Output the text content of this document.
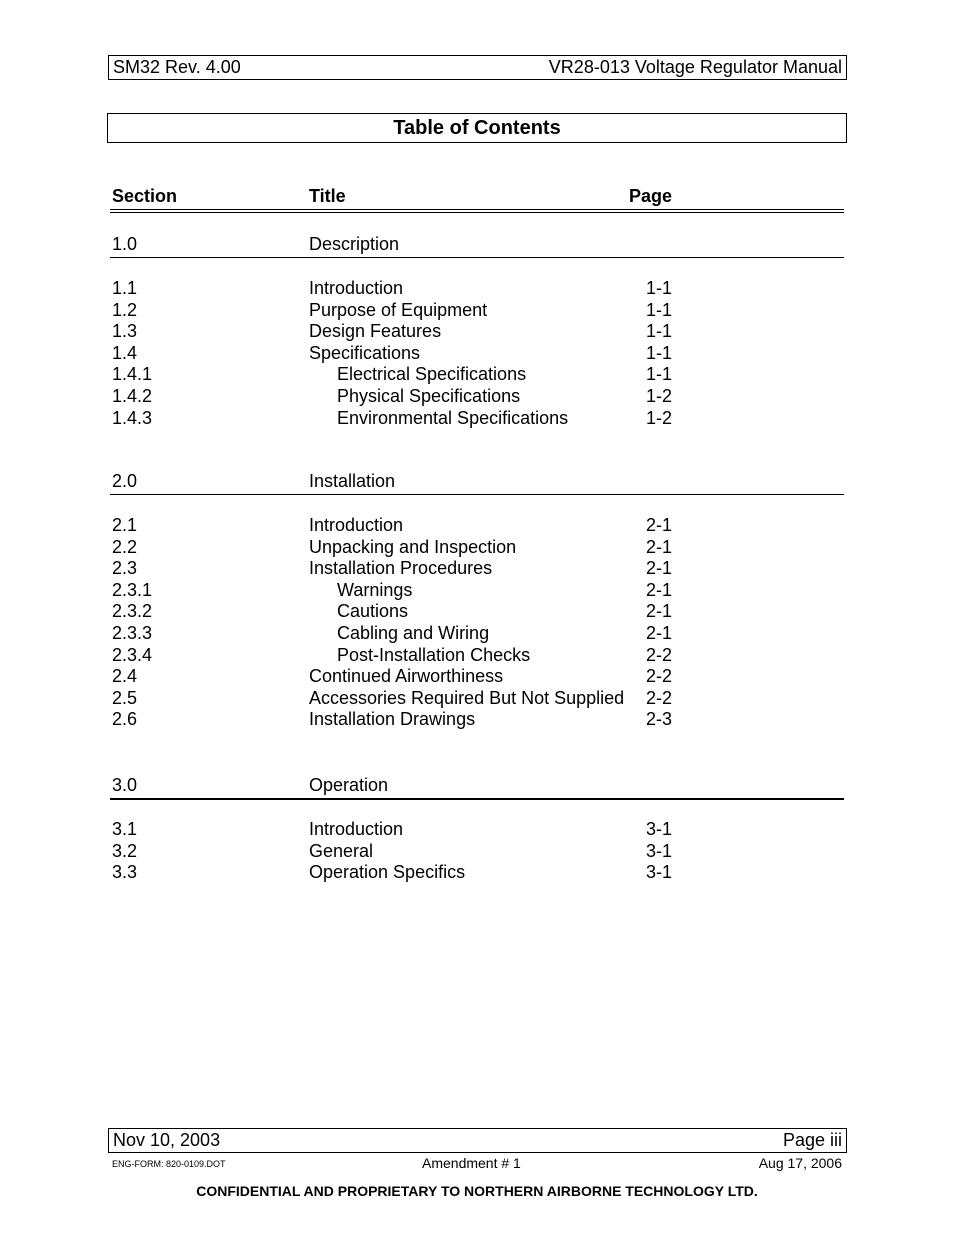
SM32 Rev. 4.00	VR28-013 Voltage Regulator Manual
Table of Contents
Section	Title	Page
1.0	Description
1.1	Introduction	1-1
1.2	Purpose of Equipment	1-1
1.3	Design Features	1-1
1.4	Specifications	1-1
1.4.1	Electrical Specifications	1-1
1.4.2	Physical Specifications	1-2
1.4.3	Environmental Specifications	1-2
2.0	Installation
2.1	Introduction	2-1
2.2	Unpacking and Inspection	2-1
2.3	Installation Procedures	2-1
2.3.1	Warnings	2-1
2.3.2	Cautions	2-1
2.3.3	Cabling and Wiring	2-1
2.3.4	Post-Installation Checks	2-2
2.4	Continued Airworthiness	2-2
2.5	Accessories Required But Not Supplied 2-2
2.6	Installation Drawings	2-3
3.0	Operation
3.1	Introduction	3-1
3.2	General	3-1
3.3	Operation Specifics	3-1
Nov 10, 2003	Page iii
ENG-FORM: 820-0109.DOT	Amendment # 1	Aug 17, 2006
CONFIDENTIAL AND PROPRIETARY TO NORTHERN AIRBORNE TECHNOLOGY LTD.
